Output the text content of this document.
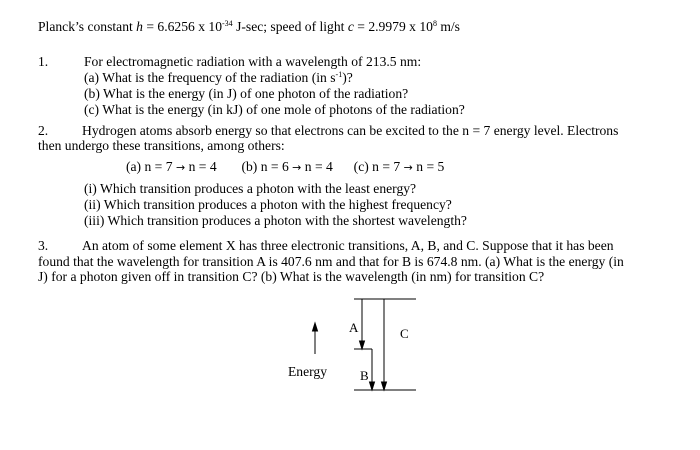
Planck’s constant h = 6.6256 x $10^{-34}$ J-sec; speed of light c = 2.9979 x $10^8$ m/s
1.	For electromagnetic radiation with a wavelength of 213.5 nm:
(a) What is the frequency of the radiation (in $s^{-1}$)?
(b) What is the energy (in J) of one photon of the radiation?
(c) What is the energy (in kJ) of one mole of photons of the radiation?
2. Hydrogen atoms absorb energy so that electrons can be excited to the n = 7 energy level. Electrons
then undergo these transitions, among others:
(a) n = 7 → n = 4 (b) n = 6 → n = 4 (c) n = 7 → n = 5
(i) Which transition produces a photon with the least energy?
(ii) Which transition produces a photon with the highest frequency?
(iii) Which transition produces a photon with the shortest wavelength?
3. An atom of some element X has three electronic transitions, A, B, and C. Suppose that it has been
found that the wavelength for transition A is 407.6 nm and that for B is 674.8 nm. (a) What is the energy (in
J) for a photon given off in transition C? (b) What is the wavelength (in nm) for transition C?
Energy
A
B
C
